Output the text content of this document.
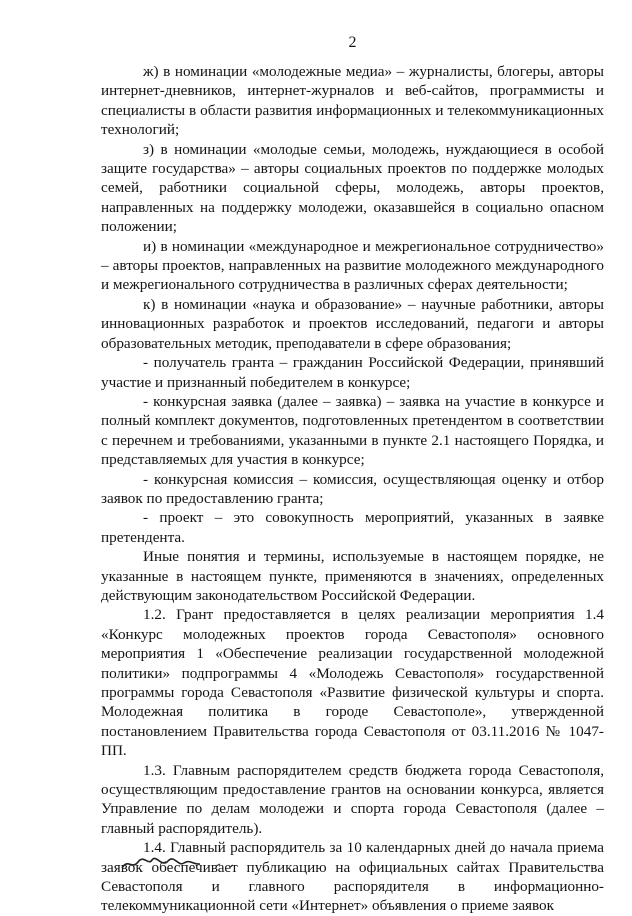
2

ж) в номинации «молодежные медиа» – журналисты, блогеры, авторы интернет-дневников, интернет-журналов и веб-сайтов, программисты и специалисты в области развития информационных и телекоммуникационных технологий;

з) в номинации «молодые семьи, молодежь, нуждающиеся в особой защите государства» – авторы социальных проектов по поддержке молодых семей, работники социальной сферы, молодежь, авторы проектов, направленных на поддержку молодежи, оказавшейся в социально опасном положении;

и) в номинации «международное и межрегиональное сотрудничество» – авторы проектов, направленных на развитие молодежного международного и межрегионального сотрудничества в различных сферах деятельности;

к) в номинации «наука и образование» – научные работники, авторы инновационных разработок и проектов исследований, педагоги и авторы образовательных методик, преподаватели в сфере образования;

- получатель гранта – гражданин Российской Федерации, принявший участие и признанный победителем в конкурсе;

- конкурсная заявка (далее – заявка) – заявка на участие в конкурсе и полный комплект документов, подготовленных претендентом в соответствии с перечнем и требованиями, указанными в пункте 2.1 настоящего Порядка, и представляемых для участия в конкурсе;

- конкурсная комиссия – комиссия, осуществляющая оценку и отбор заявок по предоставлению гранта;

- проект – это совокупность мероприятий, указанных в заявке претендента.

Иные понятия и термины, используемые в настоящем порядке, не указанные в настоящем пункте, применяются в значениях, определенных действующим законодательством Российской Федерации.

1.2. Грант предоставляется в целях реализации мероприятия 1.4 «Конкурс молодежных проектов города Севастополя» основного мероприятия 1 «Обеспечение реализации государственной молодежной политики» подпрограммы 4 «Молодежь Севастополя» государственной программы города Севастополя «Развитие физической культуры и спорта. Молодежная политика в городе Севастополе», утвержденной постановлением Правительства города Севастополя от 03.11.2016 № 1047-ПП.

1.3. Главным распорядителем средств бюджета города Севастополя, осуществляющим предоставление грантов на основании конкурса, является Управление по делам молодежи и спорта города Севастополя (далее – главный распорядитель).

1.4. Главный распорядитель за 10 календарных дней до начала приема заявок обеспечивает публикацию на официальных сайтах Правительства Севастополя и главного распорядителя в информационно-телекоммуникационной сети «Интернет» объявления о приеме заявок
